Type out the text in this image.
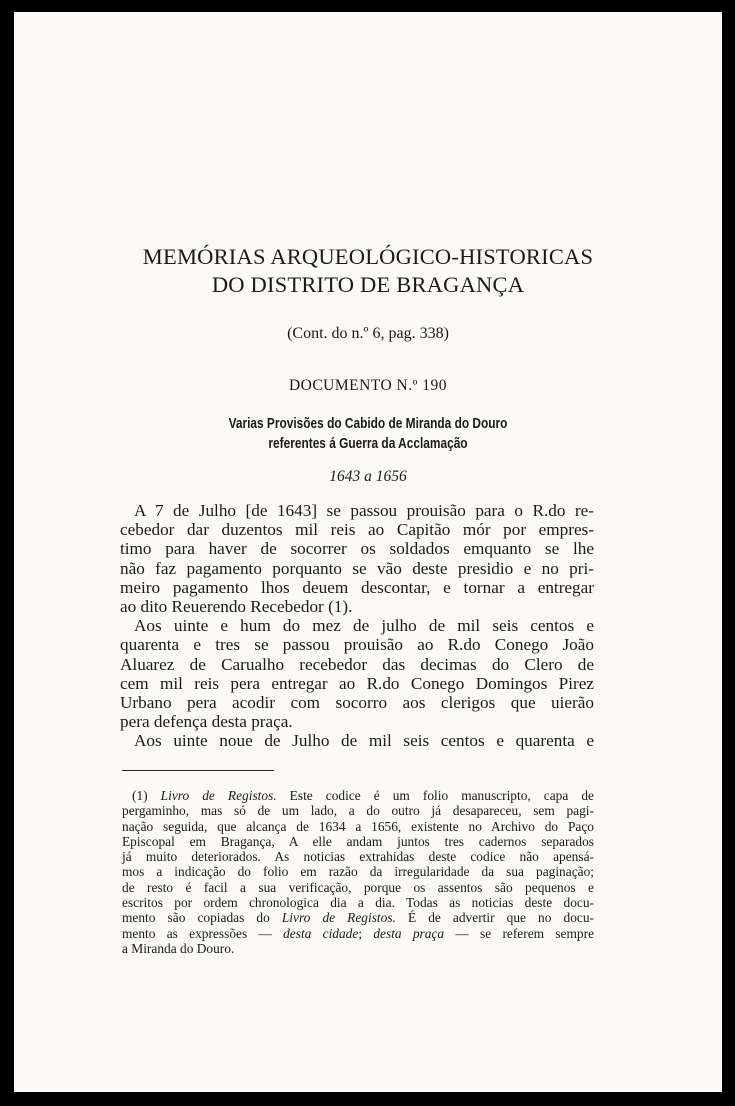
MEMÓRIAS ARQUEOLÓGICO-HISTORICAS
DO DISTRITO DE BRAGANÇA
(Cont. do n.º 6, pag. 338)
DOCUMENTO N.º 190
Varias Provisões do Cabido de Miranda do Douro
referentes á Guerra da Acclamação
1643 a 1656
A 7 de Julho [de 1643] se passou prouisão para o R.do re-
cebedor dar duzentos mil reis ao Capitão mór por empres-
timo para haver de socorrer os soldados emquanto se lhe
não faz pagamento porquanto se vão deste presidio e no pri-
meiro pagamento lhos deuem descontar, e tornar a entregar
ao dito Reuerendo Recebedor (1).
Aos uinte e hum do mez de julho de mil seis centos e
quarenta e tres se passou prouisão ao R.do Conego João
Aluarez de Carualho recebedor das decimas do Clero de
cem mil reis pera entregar ao R.do Conego Domingos Pirez
Urbano pera acodir com socorro aos clerigos que uierão
pera defença desta praça.
Aos uinte noue de Julho de mil seis centos e quarenta e
(1) Livro de Registos. Este codice é um folio manuscripto, capa de
pergaminho, mas só de um lado, a do outro já desapareceu, sem pagi-
nação seguida, que alcança de 1634 a 1656, existente no Archivo do Paço
Episcopal em Bragança, A elle andam juntos tres cadernos separados
já muito deteriorados. As noticias extrahidas deste codice não apensá-
mos a indicação do folio em razão da irregularidade da sua paginação;
de resto é facil a sua verificação, porque os assentos são pequenos e
escritos por ordem chronologica dia a dia. Todas as noticias deste docu-
mento são copiadas do Livro de Registos. É de advertir que no docu-
mento as expressões — desta cidade; desta praça — se referem sempre
a Miranda do Douro.
